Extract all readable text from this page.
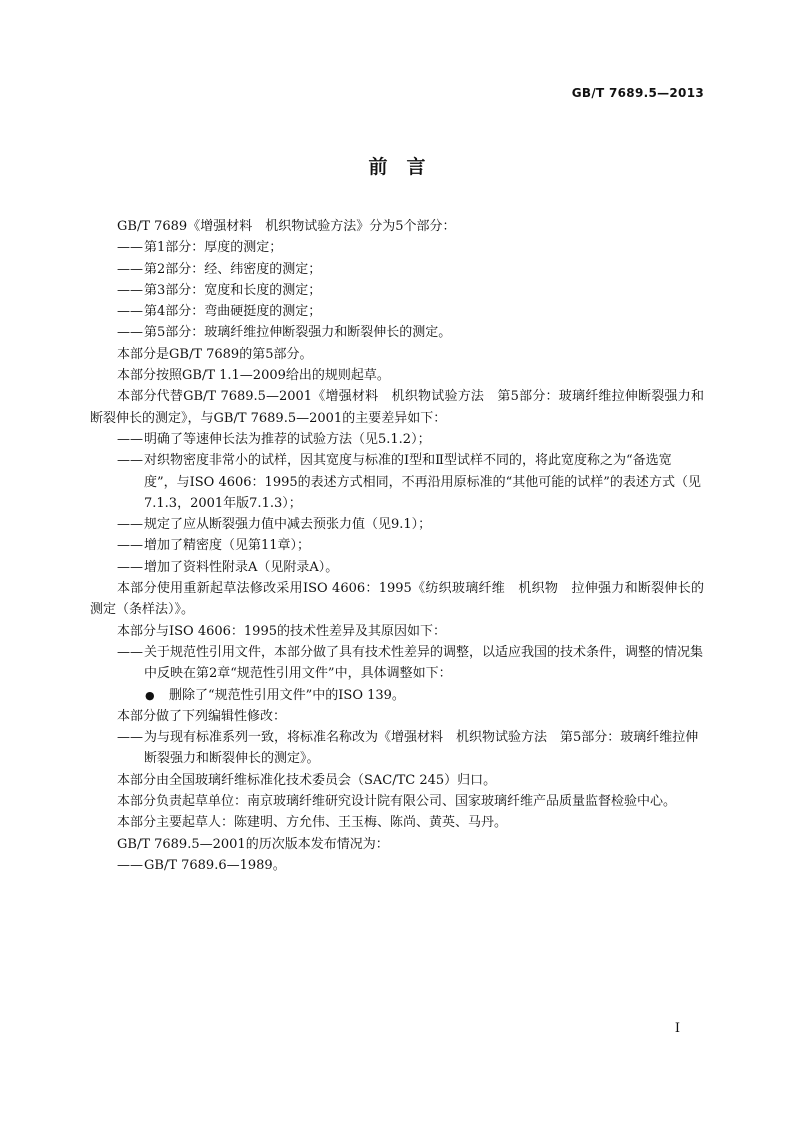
GB/T 7689.5—2013
前　言

GB/T 7689《增强材料　机织物试验方法》分为5个部分：

——第1部分：厚度的测定；

——第2部分：经、纬密度的测定；

——第3部分：宽度和长度的测定；

——第4部分：弯曲硬挺度的测定；

——第5部分：玻璃纤维拉伸断裂强力和断裂伸长的测定。

本部分是GB/T 7689的第5部分。

本部分按照GB/T 1.1—2009给出的规则起草。

本部分代替GB/T 7689.5—2001《增强材料　机织物试验方法　第5部分：玻璃纤维拉伸断裂强力和断裂伸长的测定》，与GB/T 7689.5—2001的主要差异如下：

——明确了等速伸长法为推荐的试验方法（见5.1.2）；

——对织物密度非常小的试样，因其宽度与标准的Ⅰ型和Ⅱ型试样不同的，将此宽度称之为“备选宽度”，与ISO 4606：1995的表述方式相同，不再沿用原标准的“其他可能的试样”的表述方式（见7.1.3，2001年版7.1.3）；

——规定了应从断裂强力值中减去预张力值（见9.1）；

——增加了精密度（见第11章）；

——增加了资料性附录A（见附录A）。

本部分使用重新起草法修改采用ISO 4606：1995《纺织玻璃纤维　机织物　拉伸强力和断裂伸长的测定（条样法）》。

本部分与ISO 4606：1995的技术性差异及其原因如下：

——关于规范性引用文件，本部分做了具有技术性差异的调整，以适应我国的技术条件，调整的情况集中反映在第2章“规范性引用文件”中，具体调整如下：

● 删除了“规范性引用文件”中的ISO 139。

本部分做了下列编辑性修改：

——为与现有标准系列一致，将标准名称改为《增强材料　机织物试验方法　第5部分：玻璃纤维拉伸断裂强力和断裂伸长的测定》。

本部分由全国玻璃纤维标准化技术委员会（SAC/TC 245）归口。

本部分负责起草单位：南京玻璃纤维研究设计院有限公司、国家玻璃纤维产品质量监督检验中心。

本部分主要起草人：陈建明、方允伟、王玉梅、陈尚、黄英、马丹。

GB/T 7689.5—2001的历次版本发布情况为：

——GB/T 7689.6—1989。

I
